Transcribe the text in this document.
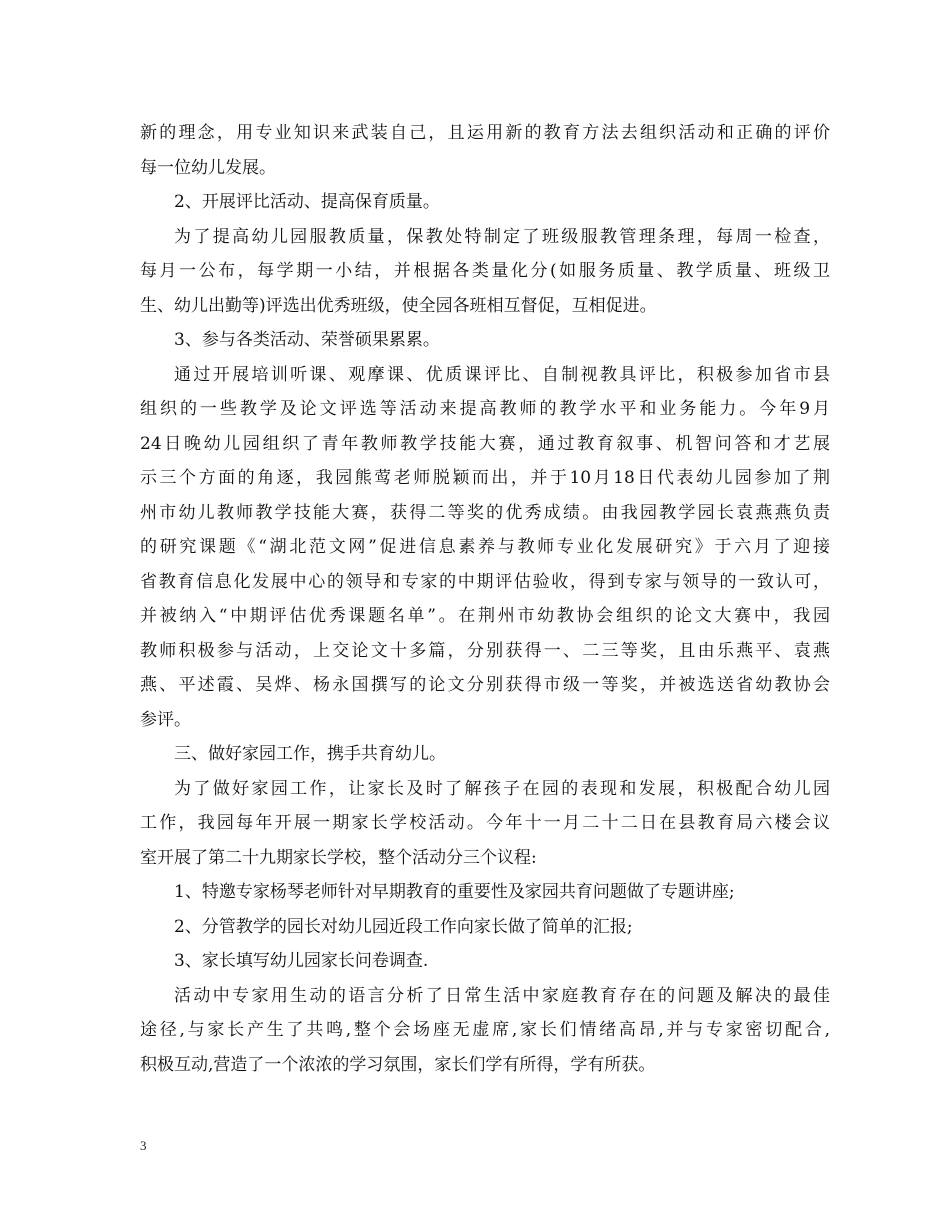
新的理念，用专业知识来武装自己，且运用新的教育方法去组织活动和正确的评价
每一位幼儿发展。
2、开展评比活动、提高保育质量。
为了提高幼儿园服教质量，保教处特制定了班级服教管理条理，每周一检查，
每月一公布，每学期一小结，并根据各类量化分(如服务质量、教学质量、班级卫
生、幼儿出勤等)评选出优秀班级，使全园各班相互督促，互相促进。
3、参与各类活动、荣誉硕果累累。
通过开展培训听课、观摩课、优质课评比、自制视教具评比，积极参加省市县
组织的一些教学及论文评选等活动来提高教师的教学水平和业务能力。今年9月
24日晚幼儿园组织了青年教师教学技能大赛，通过教育叙事、机智问答和才艺展
示三个方面的角逐，我园熊莺老师脱颖而出，并于10月18日代表幼儿园参加了荆
州市幼儿教师教学技能大赛，获得二等奖的优秀成绩。由我园教学园长袁燕燕负责
的研究课题《“湖北范文网”促进信息素养与教师专业化发展研究》于六月了迎接
省教育信息化发展中心的领导和专家的中期评估验收，得到专家与领导的一致认可，
并被纳入“中期评估优秀课题名单”。在荆州市幼教协会组织的论文大赛中，我园
教师积极参与活动，上交论文十多篇，分别获得一、二三等奖，且由乐燕平、袁燕
燕、平述霞、吴烨、杨永国撰写的论文分别获得市级一等奖，并被选送省幼教协会
参评。
三、做好家园工作，携手共育幼儿。
为了做好家园工作，让家长及时了解孩子在园的表现和发展，积极配合幼儿园
工作，我园每年开展一期家长学校活动。今年十一月二十二日在县教育局六楼会议
室开展了第二十九期家长学校，整个活动分三个议程:
1、特邀专家杨琴老师针对早期教育的重要性及家园共育问题做了专题讲座;
2、分管教学的园长对幼儿园近段工作向家长做了简单的汇报;
3、家长填写幼儿园家长问卷调查.
活动中专家用生动的语言分析了日常生活中家庭教育存在的问题及解决的最佳
途径,与家长产生了共鸣,整个会场座无虚席,家长们情绪高昂,并与专家密切配合,
积极互动,营造了一个浓浓的学习氛围，家长们学有所得，学有所获。
3
